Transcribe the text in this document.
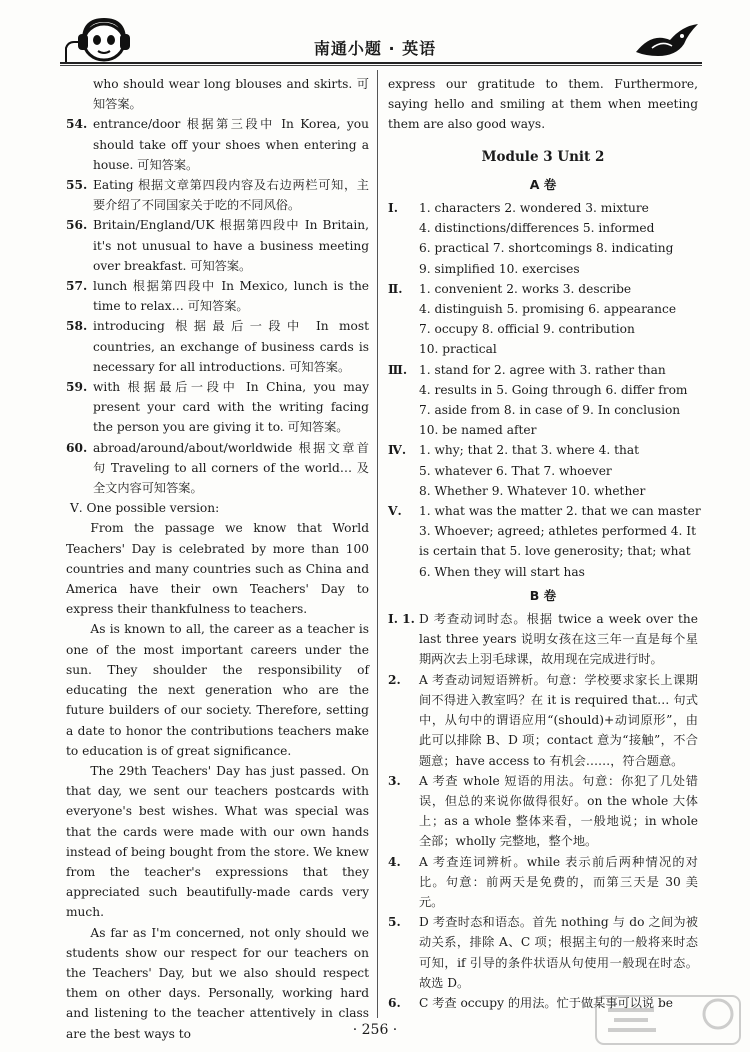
南通小题 · 英语
who should wear long blouses and skirts. 可知答案。
54. entrance/door 根据第三段中 In Korea, you should take off your shoes when entering a house. 可知答案。
55. Eating 根据文章第四段内容及右边两栏可知，主要介绍了不同国家关于吃的不同风俗。
56. Britain/England/UK 根据第四段中 In Britain, it's not unusual to have a business meeting over breakfast. 可知答案。
57. lunch 根据第四段中 In Mexico, lunch is the time to relax… 可知答案。
58. introducing 根据最后一段中 In most countries, an exchange of business cards is necessary for all introductions. 可知答案。
59. with 根据最后一段中 In China, you may present your card with the writing facing the person you are giving it to. 可知答案。
60. abroad/around/about/worldwide 根据文章首句 Traveling to all corners of the world… 及全文内容可知答案。
Ⅴ. One possible version:
From the passage we know that World Teachers' Day is celebrated by more than 100 countries and many countries such as China and America have their own Teachers' Day to express their thankfulness to teachers.
As is known to all, the career as a teacher is one of the most important careers under the sun. They shoulder the responsibility of educating the next generation who are the future builders of our society. Therefore, setting a date to honor the contributions teachers make to education is of great significance.
The 29th Teachers' Day has just passed. On that day, we sent our teachers postcards with everyone's best wishes. What was special was that the cards were made with our own hands instead of being bought from the store. We knew from the teacher's expressions that they appreciated such beautifully-made cards very much.
As far as I'm concerned, not only should we students show our respect for our teachers on the Teachers' Day, but we also should respect them on other days. Personally, working hard and listening to the teacher attentively in class are the best ways to
express our gratitude to them. Furthermore, saying hello and smiling at them when meeting them are also good ways.
Module 3 Unit 2
A 卷
Ⅰ. 1. characters 2. wondered 3. mixture
4. distinctions/differences 5. informed
6. practical 7. shortcomings 8. indicating
9. simplified 10. exercises
Ⅱ. 1. convenient 2. works 3. describe
4. distinguish 5. promising 6. appearance
7. occupy 8. official 9. contribution
10. practical
Ⅲ. 1. stand for 2. agree with 3. rather than
4. results in 5. Going through 6. differ from
7. aside from 8. in case of 9. In conclusion
10. be named after
Ⅳ. 1. why; that 2. that 3. where 4. that
5. whatever 6. That 7. whoever
8. Whether 9. Whatever 10. whether
Ⅴ. 1. what was the matter 2. that we can master
3. Whoever; agreed; athletes performed 4. It
is certain that 5. love generosity; that; what
6. When they will start has
B 卷
Ⅰ. 1. D 考查动词时态。根据 twice a week over the last three years 说明女孩在这三年一直是每个星期两次去上羽毛球课，故用现在完成进行时。
2. A 考查动词短语辨析。句意：学校要求家长上课期间不得进入教室吗？在 it is required that… 句式中，从句中的谓语应用“(should)+动词原形”，由此可以排除 B、D 项；contact 意为“接触”，不合题意；have access to 有机会……，符合题意。
3. A 考查 whole 短语的用法。句意：你犯了几处错误，但总的来说你做得很好。on the whole 大体上；as a whole 整体来看，一般地说；in whole 全部；wholly 完整地，整个地。
4. A 考查连词辨析。while 表示前后两种情况的对比。句意：前两天是免费的，而第三天是 30 美元。
5. D 考查时态和语态。首先 nothing 与 do 之间为被动关系，排除 A、C 项；根据主句的一般将来时态可知，if 引导的条件状语从句使用一般现在时态。故选 D。
6. C 考查 occupy 的用法。忙于做某事可以说 be
· 256 ·
